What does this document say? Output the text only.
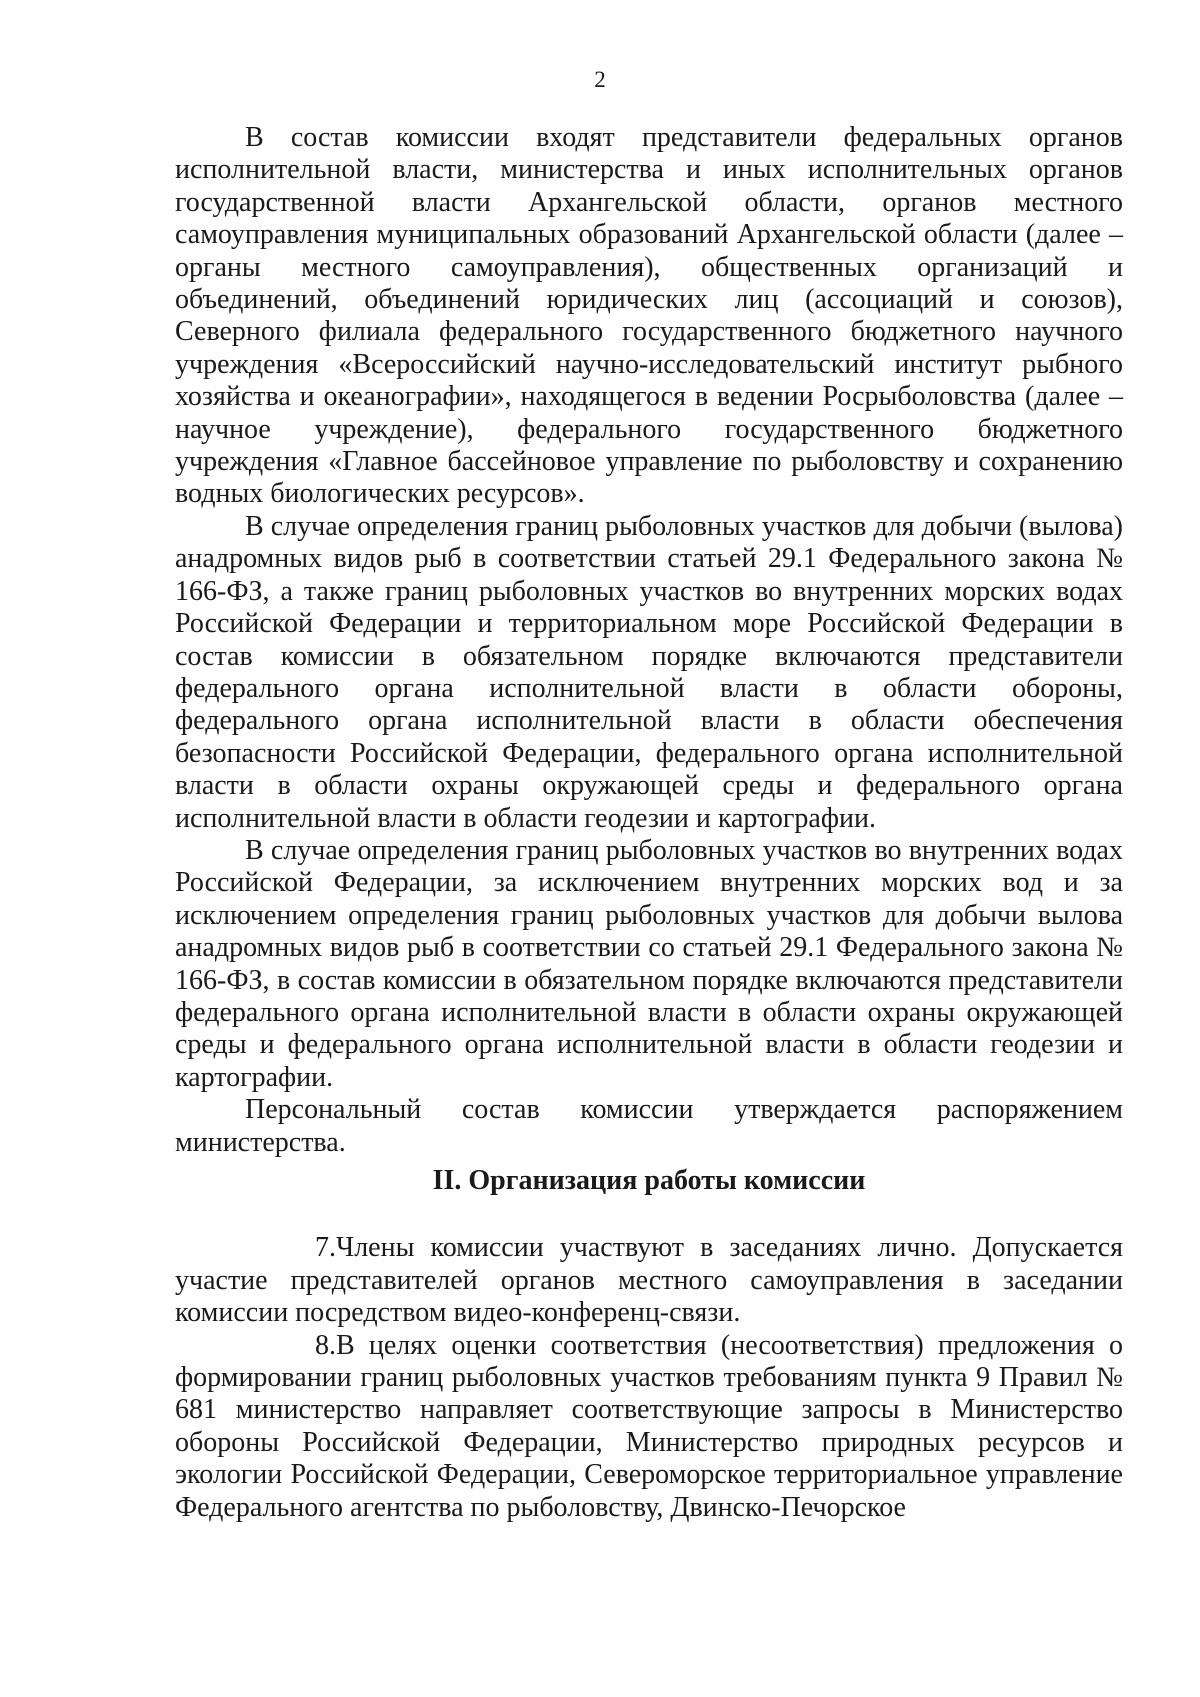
2

В состав комиссии входят представители федеральных органов исполнительной власти, министерства и иных исполнительных органов государственной власти Архангельской области, органов местного самоуправления муниципальных образований Архангельской области (далее – органы местного самоуправления), общественных организаций и объединений, объединений юридических лиц (ассоциаций и союзов), Северного филиала федерального государственного бюджетного научного учреждения «Всероссийский научно-исследовательский институт рыбного хозяйства и океанографии», находящегося в ведении Росрыболовства (далее – научное учреждение), федерального государственного бюджетного учреждения «Главное бассейновое управление по рыболовству и сохранению водных биологических ресурсов».

В случае определения границ рыболовных участков для добычи (вылова) анадромных видов рыб в соответствии статьей 29.1 Федерального закона № 166-ФЗ, а также границ рыболовных участков во внутренних морских водах Российской Федерации и территориальном море Российской Федерации в состав комиссии в обязательном порядке включаются представители федерального органа исполнительной власти в области обороны, федерального органа исполнительной власти в области обеспечения безопасности Российской Федерации, федерального органа исполнительной власти в области охраны окружающей среды и федерального органа исполнительной власти в области геодезии и картографии.

В случае определения границ рыболовных участков во внутренних водах Российской Федерации, за исключением внутренних морских вод и за исключением определения границ рыболовных участков для добычи вылова анадромных видов рыб в соответствии со статьей 29.1 Федерального закона № 166-ФЗ, в состав комиссии в обязательном порядке включаются представители федерального органа исполнительной власти в области охраны окружающей среды и федерального органа исполнительной власти в области геодезии и картографии.

Персональный состав комиссии утверждается распоряжением министерства.

II. Организация работы комиссии

7.Члены комиссии участвуют в заседаниях лично. Допускается участие представителей органов местного самоуправления в заседании комиссии посредством видео-конференц-связи.

8.В целях оценки соответствия (несоответствия) предложения о формировании границ рыболовных участков требованиям пункта 9 Правил № 681 министерство направляет соответствующие запросы в Министерство обороны Российской Федерации, Министерство природных ресурсов и экологии Российской Федерации, Североморское территориальное управление Федерального агентства по рыболовству, Двинско-Печорское
